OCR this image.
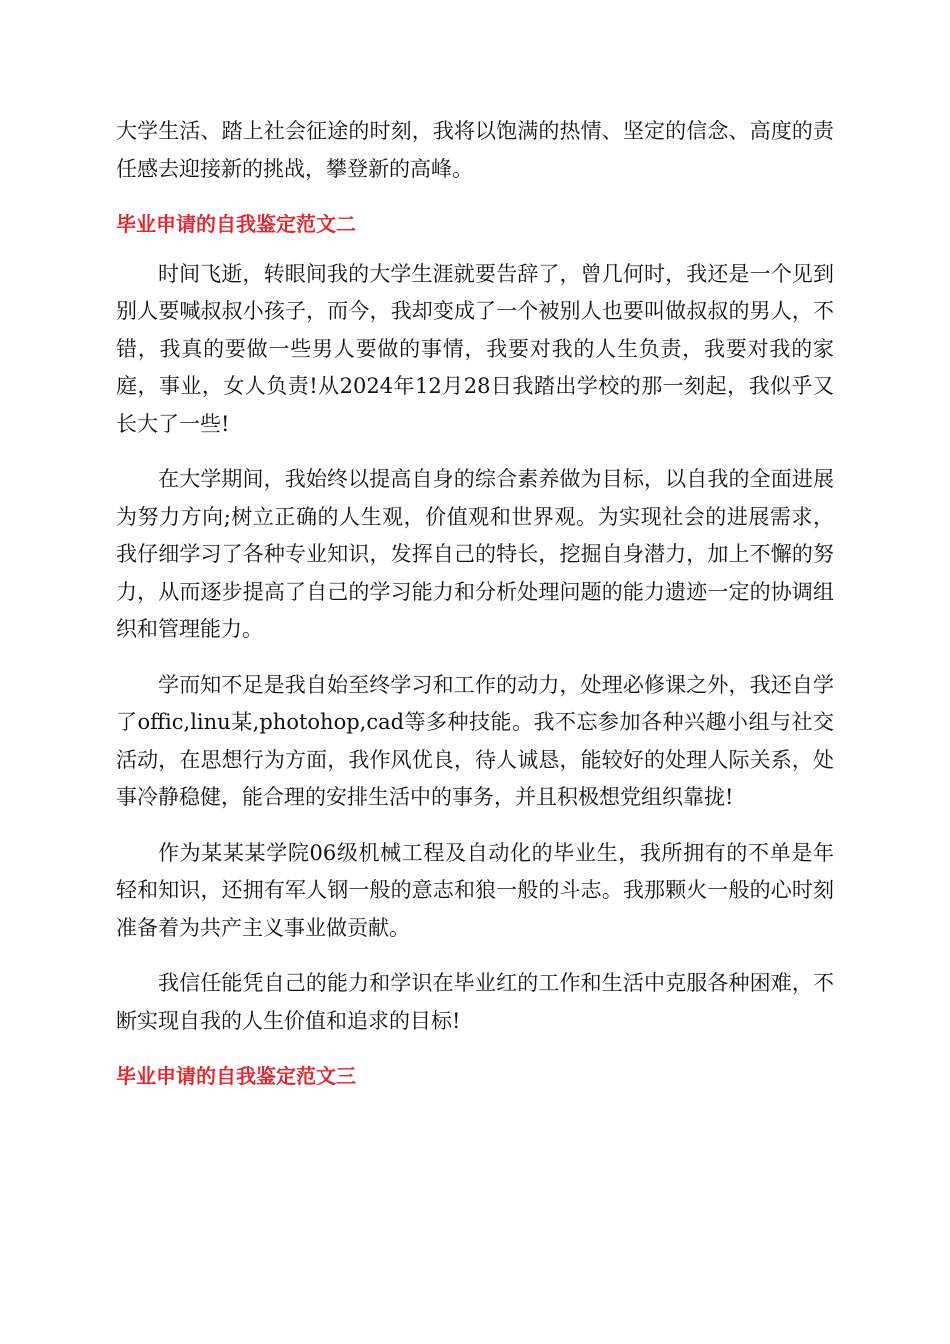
大学生活、踏上社会征途的时刻，我将以饱满的热情、坚定的信念、高度的责任感去迎接新的挑战，攀登新的高峰。

毕业申请的自我鉴定范文二

时间飞逝，转眼间我的大学生涯就要告辞了，曾几何时，我还是一个见到别人要喊叔叔小孩子，而今，我却变成了一个被别人也要叫做叔叔的男人，不错，我真的要做一些男人要做的事情，我要对我的人生负责，我要对我的家庭，事业，女人负责!从2024年12月28日我踏出学校的那一刻起，我似乎又长大了一些!

在大学期间，我始终以提高自身的综合素养做为目标，以自我的全面进展为努力方向;树立正确的人生观，价值观和世界观。为实现社会的进展需求，我仔细学习了各种专业知识，发挥自己的特长，挖掘自身潜力，加上不懈的努力，从而逐步提高了自己的学习能力和分析处理问题的能力遗迹一定的协调组织和管理能力。

学而知不足是我自始至终学习和工作的动力，处理必修课之外，我还自学了offic,linu某,photohop,cad等多种技能。我不忘参加各种兴趣小组与社交活动，在思想行为方面，我作风优良，待人诚恳，能较好的处理人际关系，处事冷静稳健，能合理的安排生活中的事务，并且积极想党组织靠拢!

作为某某某学院06级机械工程及自动化的毕业生，我所拥有的不单是年轻和知识，还拥有军人钢一般的意志和狼一般的斗志。我那颗火一般的心时刻准备着为共产主义事业做贡献。

我信任能凭自己的能力和学识在毕业红的工作和生活中克服各种困难，不断实现自我的人生价值和追求的目标!

毕业申请的自我鉴定范文三
